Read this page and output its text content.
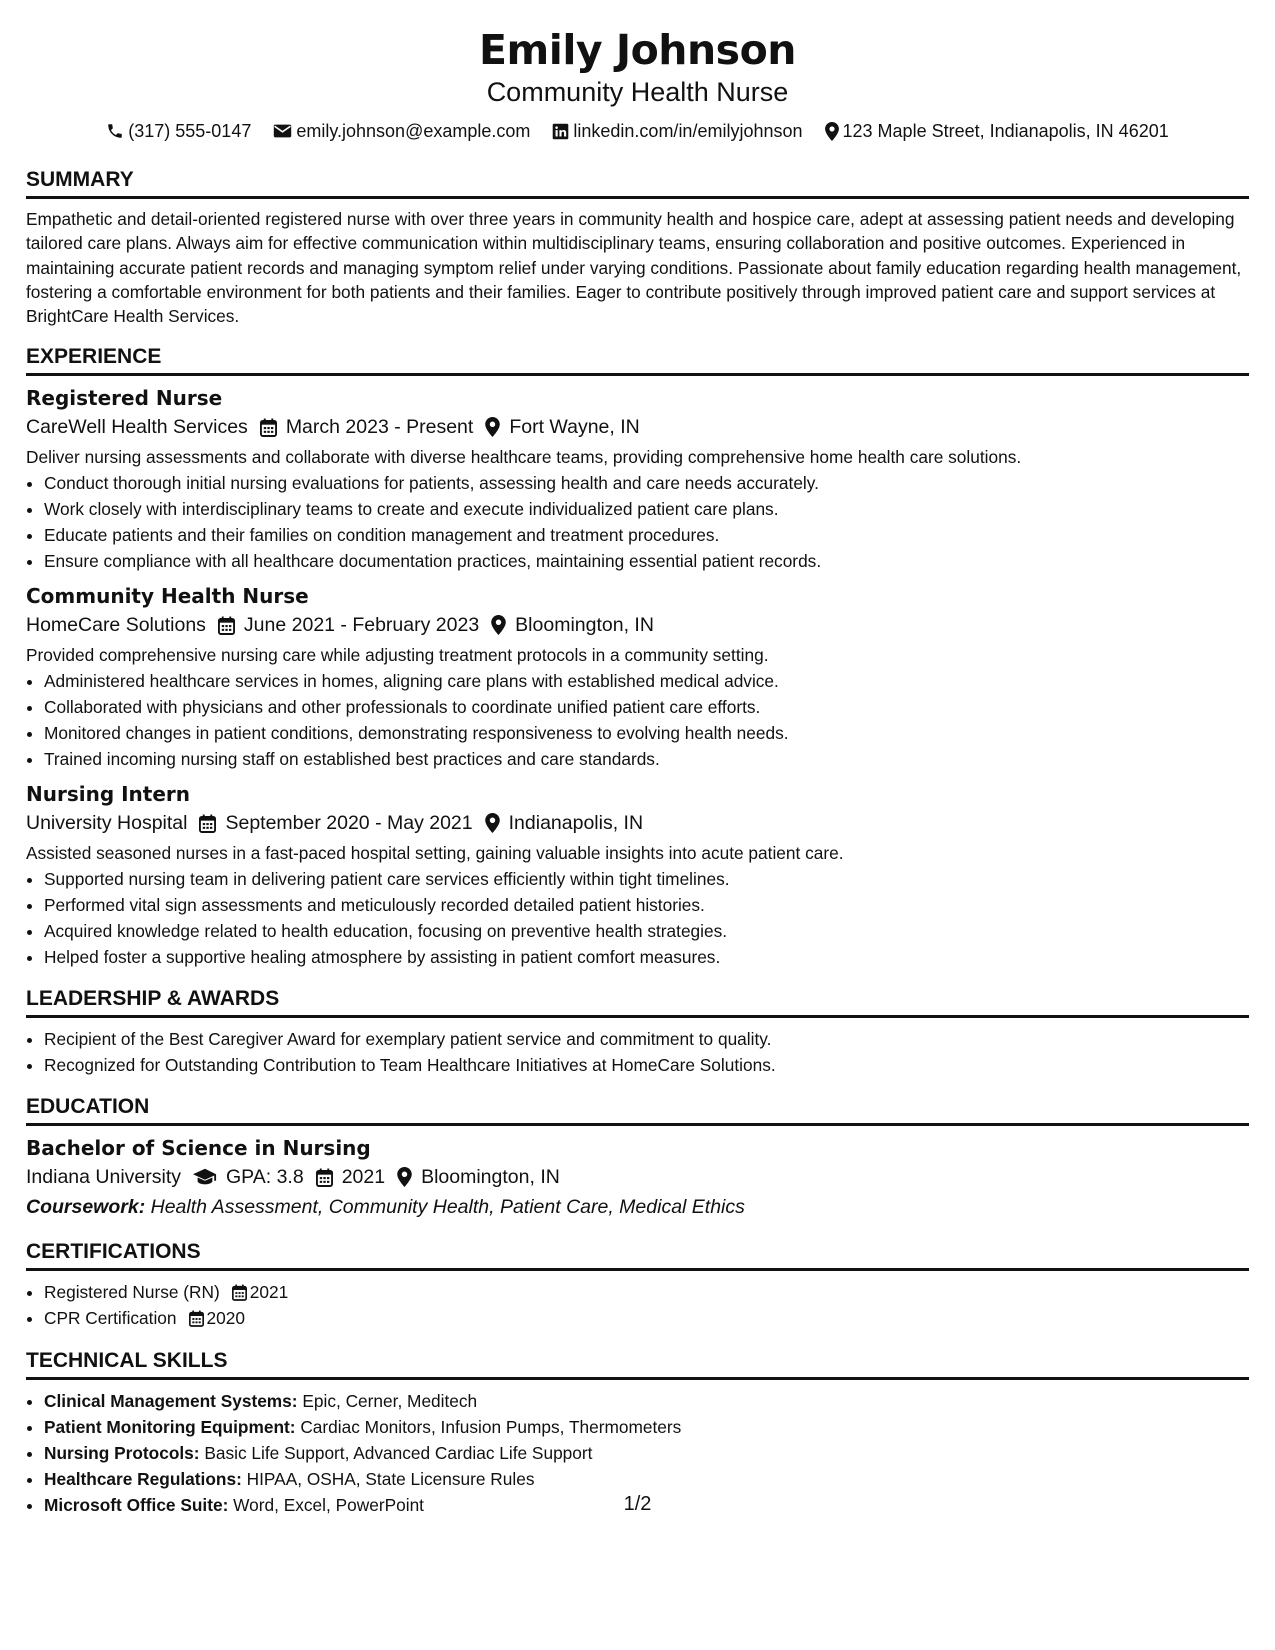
Emily Johnson
Community Health Nurse
(317) 555-0147	emily.johnson@example.com linkedin.com/in/emilyjohnson 123 Maple Street, Indianapolis, IN 46201
SUMMARY
Empathetic and detail-oriented registered nurse with over three years in community health and hospice care, adept at assessing patient needs and developing tailored care plans. Always aim for effective communication within multidisciplinary teams, ensuring collaboration and positive outcomes. Experienced in maintaining accurate patient records and managing symptom relief under varying conditions. Passionate about family education regarding health management, fostering a comfortable environment for both patients and their families. Eager to contribute positively through improved patient care and support services at BrightCare Health Services.
EXPERIENCE
Registered Nurse
CareWell Health Services March 2023 - Present Fort Wayne, IN
Deliver nursing assessments and collaborate with diverse healthcare teams, providing comprehensive home health care solutions.
• Conduct thorough initial nursing evaluations for patients, assessing health and care needs accurately.
• Work closely with interdisciplinary teams to create and execute individualized patient care plans.
• Educate patients and their families on condition management and treatment procedures.
• Ensure compliance with all healthcare documentation practices, maintaining essential patient records.
Community Health Nurse
HomeCare Solutions June 2021 - February 2023 Bloomington, IN
Provided comprehensive nursing care while adjusting treatment protocols in a community setting.
• Administered healthcare services in homes, aligning care plans with established medical advice.
• Collaborated with physicians and other professionals to coordinate unified patient care efforts.
• Monitored changes in patient conditions, demonstrating responsiveness to evolving health needs.
• Trained incoming nursing staff on established best practices and care standards.
Nursing Intern
University Hospital September 2020 - May 2021 Indianapolis, IN
Assisted seasoned nurses in a fast-paced hospital setting, gaining valuable insights into acute patient care.
• Supported nursing team in delivering patient care services efficiently within tight timelines.
• Performed vital sign assessments and meticulously recorded detailed patient histories.
• Acquired knowledge related to health education, focusing on preventive health strategies.
• Helped foster a supportive healing atmosphere by assisting in patient comfort measures.
LEADERSHIP & AWARDS
• Recipient of the Best Caregiver Award for exemplary patient service and commitment to quality.
• Recognized for Outstanding Contribution to Team Healthcare Initiatives at HomeCare Solutions.
EDUCATION
Bachelor of Science in Nursing
Indiana University GPA: 3.8 2021 Bloomington, IN
Coursework: Health Assessment, Community Health, Patient Care, Medical Ethics
CERTIFICATIONS
• Registered Nurse (RN) 2021
• CPR Certification 2020
TECHNICAL SKILLS
• Clinical Management Systems: Epic, Cerner, Meditech
• Patient Monitoring Equipment: Cardiac Monitors, Infusion Pumps, Thermometers
• Nursing Protocols: Basic Life Support, Advanced Cardiac Life Support
• Healthcare Regulations: HIPAA, OSHA, State Licensure Rules
• Microsoft Office Suite: Word, Excel, PowerPoint	1/2
